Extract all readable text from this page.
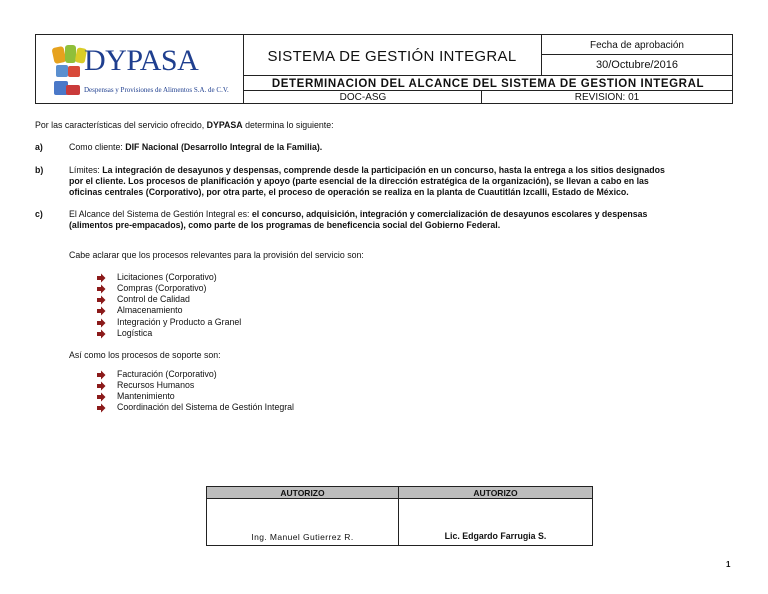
DYPASA
Despensas y Provisiones de Alimentos S.A. de C.V.
SISTEMA DE GESTIÓN INTEGRAL
Fecha de aprobación
30/Octubre/2016
DETERMINACION DEL ALCANCE DEL SISTEMA DE GESTION INTEGRAL
DOC-ASG	REVISION: 01
Por las características del servicio ofrecido, DYPASA determina lo siguiente:
a)	Como cliente: DIF Nacional (Desarrollo Integral de la Familia).
b)	Límites: La integración de desayunos y despensas, comprende desde la participación en un concurso, hasta la entrega a los sitios designados
por el cliente. Los procesos de planificación y apoyo (parte esencial de la dirección estratégica de la organización), se llevan a cabo en las
oficinas centrales (Corporativo), por otra parte, el proceso de operación se realiza en la planta de Cuautitlán Izcalli, Estado de México.
c)	El Alcance del Sistema de Gestión Integral es: el concurso, adquisición, integración y comercialización de desayunos escolares y despensas
(alimentos pre-empacados), como parte de los programas de beneficencia social del Gobierno Federal.
Cabe aclarar que los procesos relevantes para la provisión del servicio son:
Licitaciones (Corporativo)
Compras (Corporativo)
Control de Calidad
Almacenamiento
Integración y Producto a Granel
Logística
Así como los procesos de soporte son:
Facturación (Corporativo)
Recursos Humanos
Mantenimiento
Coordinación del Sistema de Gestión Integral
AUTORIZO	AUTORIZO
Ing. Manuel Gutierrez R.	Lic. Edgardo Farrugia S.
1
